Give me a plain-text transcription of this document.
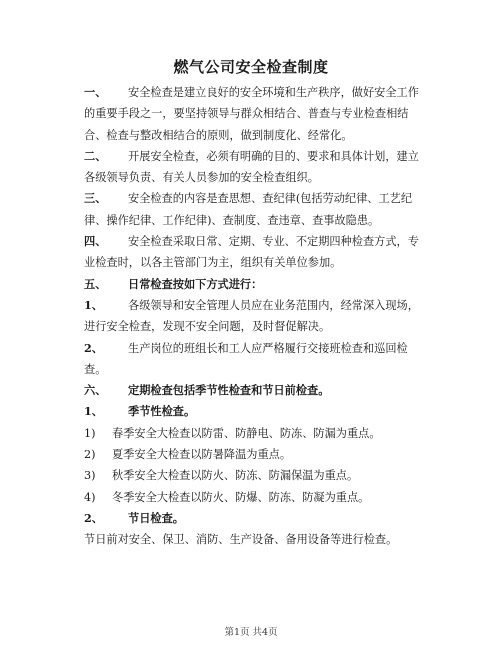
燃气公司安全检查制度

一、 安全检查是建立良好的安全环境和生产秩序，做好安全工作的重要手段之一，要坚持领导与群众相结合、普查与专业检查相结合、检查与整改相结合的原则，做到制度化、经常化。

二、 开展安全检查，必须有明确的目的、要求和具体计划，建立各级领导负责、有关人员参加的安全检查组织。

三、 安全检查的内容是查思想、查纪律(包括劳动纪律、工艺纪律、操作纪律、工作纪律)、查制度、查违章、查事故隐患。

四、 安全检查采取日常、定期、专业、不定期四种检查方式，专业检查时，以各主管部门为主，组织有关单位参加。

五、 日常检查按如下方式进行：

1、 各级领导和安全管理人员应在业务范围内，经常深入现场，进行安全检查，发现不安全问题，及时督促解决。

2、 生产岗位的班组长和工人应严格履行交接班检查和巡回检查。

六、 定期检查包括季节性检查和节日前检查。

1、 季节性检查。

1) 春季安全大检查以防雷、防静电、防冻、防漏为重点。

2) 夏季安全大检查以防暑降温为重点。

3) 秋季安全大检查以防火、防冻、防漏保温为重点。

4) 冬季安全大检查以防火、防爆、防冻、防凝为重点。

2、 节日检查。

节日前对安全、保卫、消防、生产设备、备用设备等进行检查。

第1页 共4页
